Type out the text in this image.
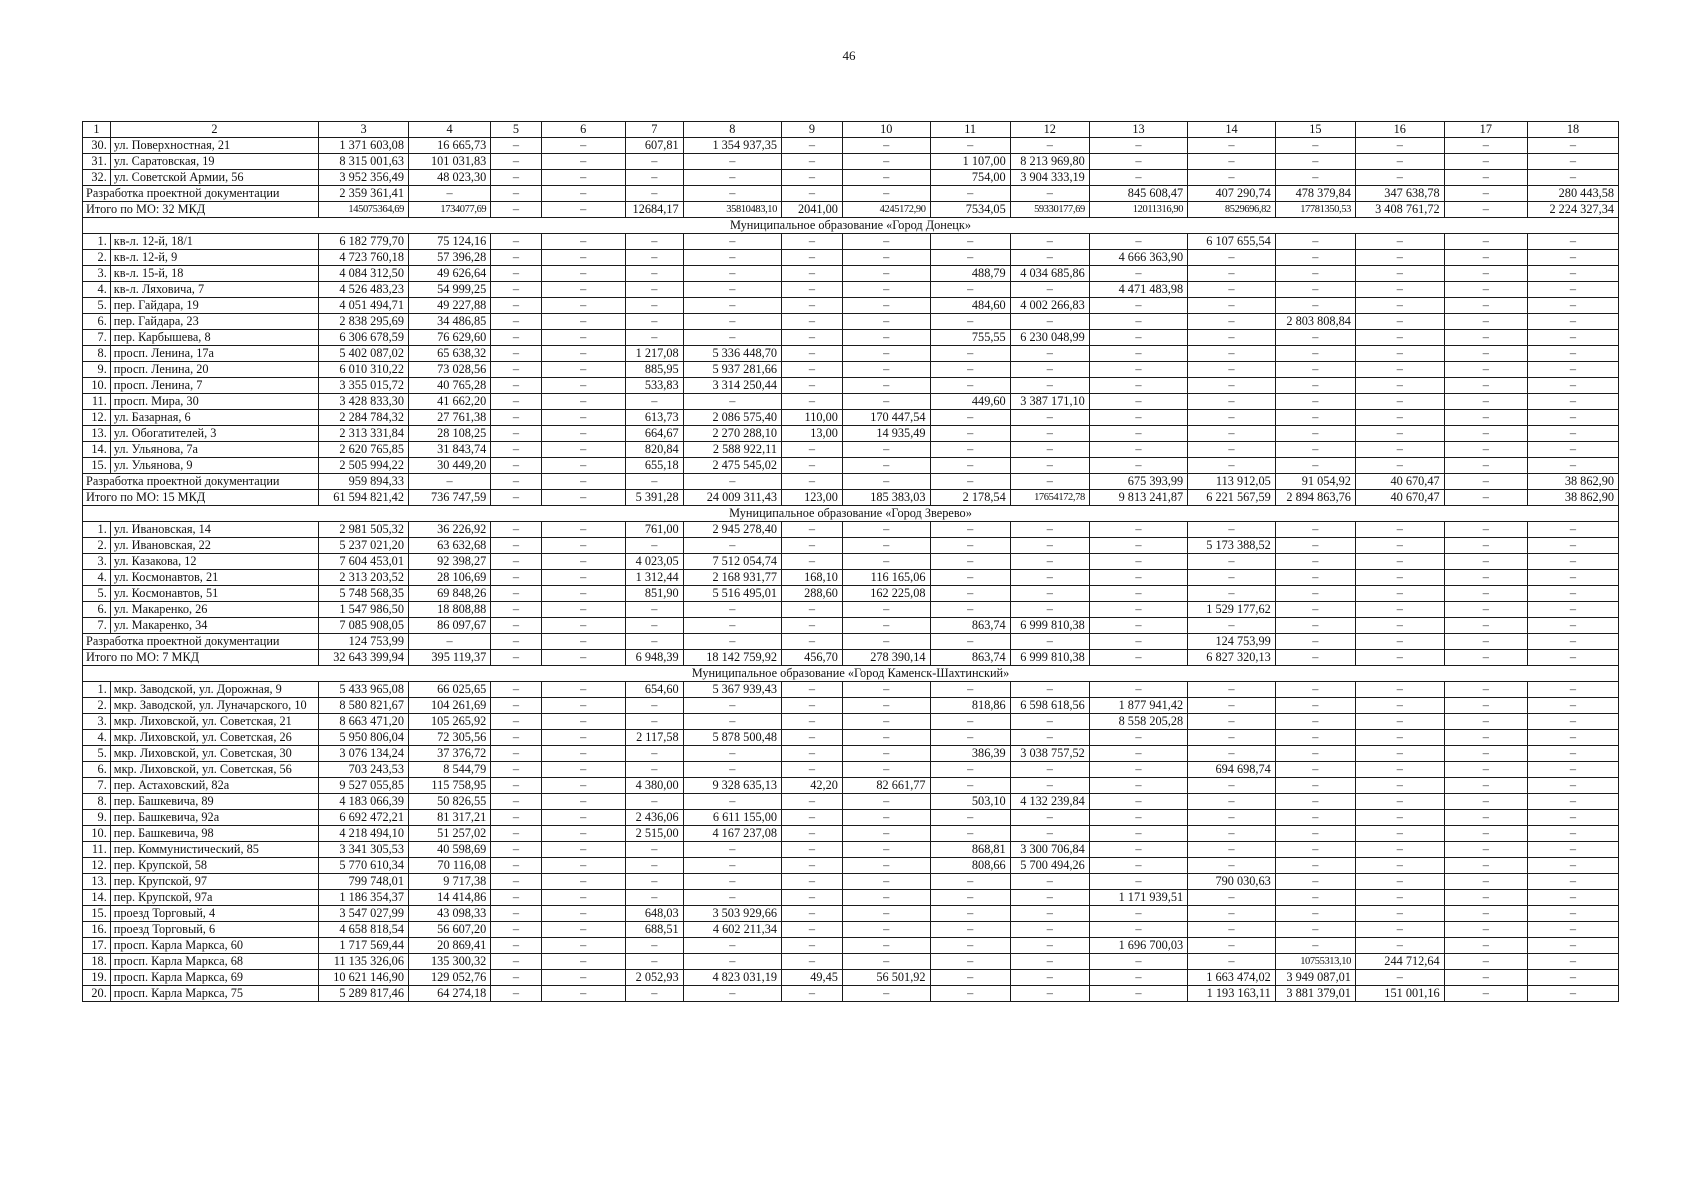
46
1	2	3	4	5	6	7	8	9	10	11	12	13	14	15	16	17	18
30.	ул. Поверхностная, 21	1 371 603,08	16 665,73	–	–	607,81	1 354 937,35	–	–	–	–	–	–	–	–	–	–
31.	ул. Саратовская, 19	8 315 001,63	101 031,83	–	–	–	–	–	–	1 107,00	8 213 969,80	–	–	–	–	–	–
32.	ул. Советской Армии, 56	3 952 356,49	48 023,30	–	–	–	–	–	–	754,00	3 904 333,19	–	–	–	–	–	–
Разработка проектной документации		2 359 361,41	–	–	–	–	–	–	–	–	–	845 608,47	407 290,74	478 379,84	347 638,78	–	280 443,58
Итого по МО: 32 МКД		145075364,69	1734077,69	–	–	12684,17	35810483,10	2041,00	4245172,90	7534,05	59330177,69	12011316,90	8529696,82	17781350,53	3 408 761,72	–	2 224 327,34
Муниципальное образование «Город Донецк»																	
1.	кв-л. 12-й, 18/1	6 182 779,70	75 124,16	–	–	–	–	–	–	–	–	–	6 107 655,54	–	–	–	–
2.	кв-л. 12-й, 9	4 723 760,18	57 396,28	–	–	–	–	–	–	–	–	4 666 363,90	–	–	–	–	–
3.	кв-л. 15-й, 18	4 084 312,50	49 626,64	–	–	–	–	–	–	488,79	4 034 685,86	–	–	–	–	–	–
4.	кв-л. Ляховича, 7	4 526 483,23	54 999,25	–	–	–	–	–	–	–	–	4 471 483,98	–	–	–	–	–
5.	пер. Гайдара, 19	4 051 494,71	49 227,88	–	–	–	–	–	–	484,60	4 002 266,83	–	–	–	–	–	–
6.	пер. Гайдара, 23	2 838 295,69	34 486,85	–	–	–	–	–	–	–	–	–	–	2 803 808,84	–	–	–
7.	пер. Карбышева, 8	6 306 678,59	76 629,60	–	–	–	–	–	–	755,55	6 230 048,99	–	–	–	–	–	–
8.	просп. Ленина, 17а	5 402 087,02	65 638,32	–	–	1 217,08	5 336 448,70	–	–	–	–	–	–	–	–	–	–
9.	просп. Ленина, 20	6 010 310,22	73 028,56	–	–	885,95	5 937 281,66	–	–	–	–	–	–	–	–	–	–
10.	просп. Ленина, 7	3 355 015,72	40 765,28	–	–	533,83	3 314 250,44	–	–	–	–	–	–	–	–	–	–
11.	просп. Мира, 30	3 428 833,30	41 662,20	–	–	–	–	–	–	449,60	3 387 171,10	–	–	–	–	–	–
12.	ул. Базарная, 6	2 284 784,32	27 761,38	–	–	613,73	2 086 575,40	110,00	170 447,54	–	–	–	–	–	–	–	–
13.	ул. Обогатителей, 3	2 313 331,84	28 108,25	–	–	664,67	2 270 288,10	13,00	14 935,49	–	–	–	–	–	–	–	–
14.	ул. Ульянова, 7а	2 620 765,85	31 843,74	–	–	820,84	2 588 922,11	–	–	–	–	–	–	–	–	–	–
15.	ул. Ульянова, 9	2 505 994,22	30 449,20	–	–	655,18	2 475 545,02	–	–	–	–	–	–	–	–	–	–
Разработка проектной документации		959 894,33	–	–	–	–	–	–	–	–	–	675 393,99	113 912,05	91 054,92	40 670,47	–	38 862,90
Итого по МО: 15 МКД		61 594 821,42	736 747,59	–	–	5 391,28	24 009 311,43	123,00	185 383,03	2 178,54	17654172,78	9 813 241,87	6 221 567,59	2 894 863,76	40 670,47	–	38 862,90
Муниципальное образование «Город Зверево»																	
1.	ул. Ивановская, 14	2 981 505,32	36 226,92	–	–	761,00	2 945 278,40	–	–	–	–	–	–	–	–	–	–
2.	ул. Ивановская, 22	5 237 021,20	63 632,68	–	–	–	–	–	–	–	–	–	5 173 388,52	–	–	–	–
3.	ул. Казакова, 12	7 604 453,01	92 398,27	–	–	4 023,05	7 512 054,74	–	–	–	–	–	–	–	–	–	–
4.	ул. Космонавтов, 21	2 313 203,52	28 106,69	–	–	1 312,44	2 168 931,77	168,10	116 165,06	–	–	–	–	–	–	–	–
5.	ул. Космонавтов, 51	5 748 568,35	69 848,26	–	–	851,90	5 516 495,01	288,60	162 225,08	–	–	–	–	–	–	–	–
6.	ул. Макаренко, 26	1 547 986,50	18 808,88	–	–	–	–	–	–	–	–	–	1 529 177,62	–	–	–	–
7.	ул. Макаренко, 34	7 085 908,05	86 097,67	–	–	–	–	–	–	863,74	6 999 810,38	–	–	–	–	–	–
Разработка проектной документации		124 753,99	–	–	–	–	–	–	–	–	–	–	124 753,99	–	–	–	–
Итого по МО: 7 МКД		32 643 399,94	395 119,37	–	–	6 948,39	18 142 759,92	456,70	278 390,14	863,74	6 999 810,38	–	6 827 320,13	–	–	–	–
Муниципальное образование «Город Каменск-Шахтинский»																	
1.	мкр. Заводской, ул. Дорожная, 9	5 433 965,08	66 025,65	–	–	654,60	5 367 939,43	–	–	–	–	–	–	–	–	–	–
2.	мкр. Заводской, ул. Луначарского, 10	8 580 821,67	104 261,69	–	–	–	–	–	–	818,86	6 598 618,56	1 877 941,42	–	–	–	–	–
3.	мкр. Лиховской, ул. Советская, 21	8 663 471,20	105 265,92	–	–	–	–	–	–	–	–	8 558 205,28	–	–	–	–	–
4.	мкр. Лиховской, ул. Советская, 26	5 950 806,04	72 305,56	–	–	2 117,58	5 878 500,48	–	–	–	–	–	–	–	–	–	–
5.	мкр. Лиховской, ул. Советская, 30	3 076 134,24	37 376,72	–	–	–	–	–	–	386,39	3 038 757,52	–	–	–	–	–	–
6.	мкр. Лиховской, ул. Советская, 56	703 243,53	8 544,79	–	–	–	–	–	–	–	–	–	694 698,74	–	–	–	–
7.	пер. Астаховский, 82а	9 527 055,85	115 758,95	–	–	4 380,00	9 328 635,13	42,20	82 661,77	–	–	–	–	–	–	–	–
8.	пер. Башкевича, 89	4 183 066,39	50 826,55	–	–	–	–	–	–	503,10	4 132 239,84	–	–	–	–	–	–
9.	пер. Башкевича, 92а	6 692 472,21	81 317,21	–	–	2 436,06	6 611 155,00	–	–	–	–	–	–	–	–	–	–
10.	пер. Башкевича, 98	4 218 494,10	51 257,02	–	–	2 515,00	4 167 237,08	–	–	–	–	–	–	–	–	–	–
11.	пер. Коммунистический, 85	3 341 305,53	40 598,69	–	–	–	–	–	–	868,81	3 300 706,84	–	–	–	–	–	–
12.	пер. Крупской, 58	5 770 610,34	70 116,08	–	–	–	–	–	–	808,66	5 700 494,26	–	–	–	–	–	–
13.	пер. Крупской, 97	799 748,01	9 717,38	–	–	–	–	–	–	–	–	–	790 030,63	–	–	–	–
14.	пер. Крупской, 97а	1 186 354,37	14 414,86	–	–	–	–	–	–	–	–	1 171 939,51	–	–	–	–	–
15.	проезд Торговый, 4	3 547 027,99	43 098,33	–	–	648,03	3 503 929,66	–	–	–	–	–	–	–	–	–	–
16.	проезд Торговый, 6	4 658 818,54	56 607,20	–	–	688,51	4 602 211,34	–	–	–	–	–	–	–	–	–	–
17.	просп. Карла Маркса, 60	1 717 569,44	20 869,41	–	–	–	–	–	–	–	–	1 696 700,03	–	–	–	–	–
18.	просп. Карла Маркса, 68	11 135 326,06	135 300,32	–	–	–	–	–	–	–	–	–	–	10755313,10	244 712,64	–	–
19.	просп. Карла Маркса, 69	10 621 146,90	129 052,76	–	–	2 052,93	4 823 031,19	49,45	56 501,92	–	–	–	1 663 474,02	3 949 087,01	–	–	–
20.	просп. Карла Маркса, 75	5 289 817,46	64 274,18	–	–	–	–	–	–	–	–	–	1 193 163,11	3 881 379,01	151 001,16	–	–
